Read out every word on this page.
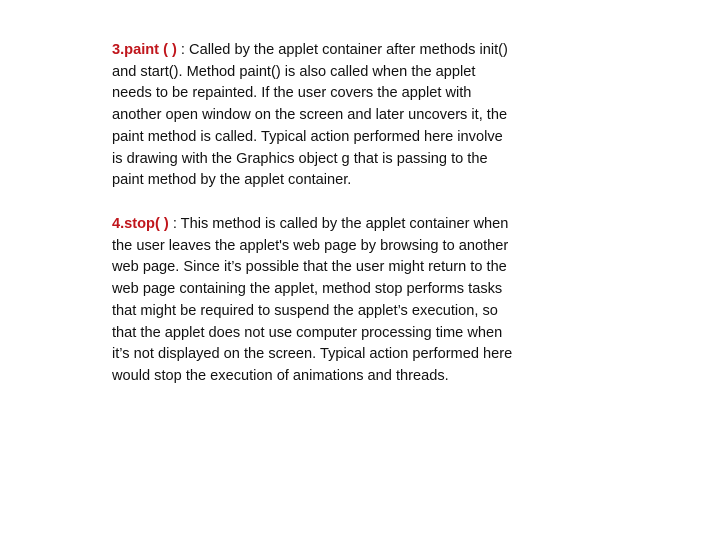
3.paint ( ) : Called by the applet container after methods init()
and start(). Method paint() is also called when the applet
needs to be repainted. If the user covers the applet with
another open window on the screen and later uncovers it, the
paint method is called. Typical action performed here involve
is drawing with the Graphics object g that is passing to the
paint method by the applet container.
4.stop( ) : This method is called by the applet container when
the user leaves the applet's web page by browsing to another
web page. Since it’s possible that the user might return to the
web page containing the applet, method stop performs tasks
that might be required to suspend the applet’s execution, so
that the applet does not use computer processing time when
it’s not displayed on the screen. Typical action performed here
would stop the execution of animations and threads.
